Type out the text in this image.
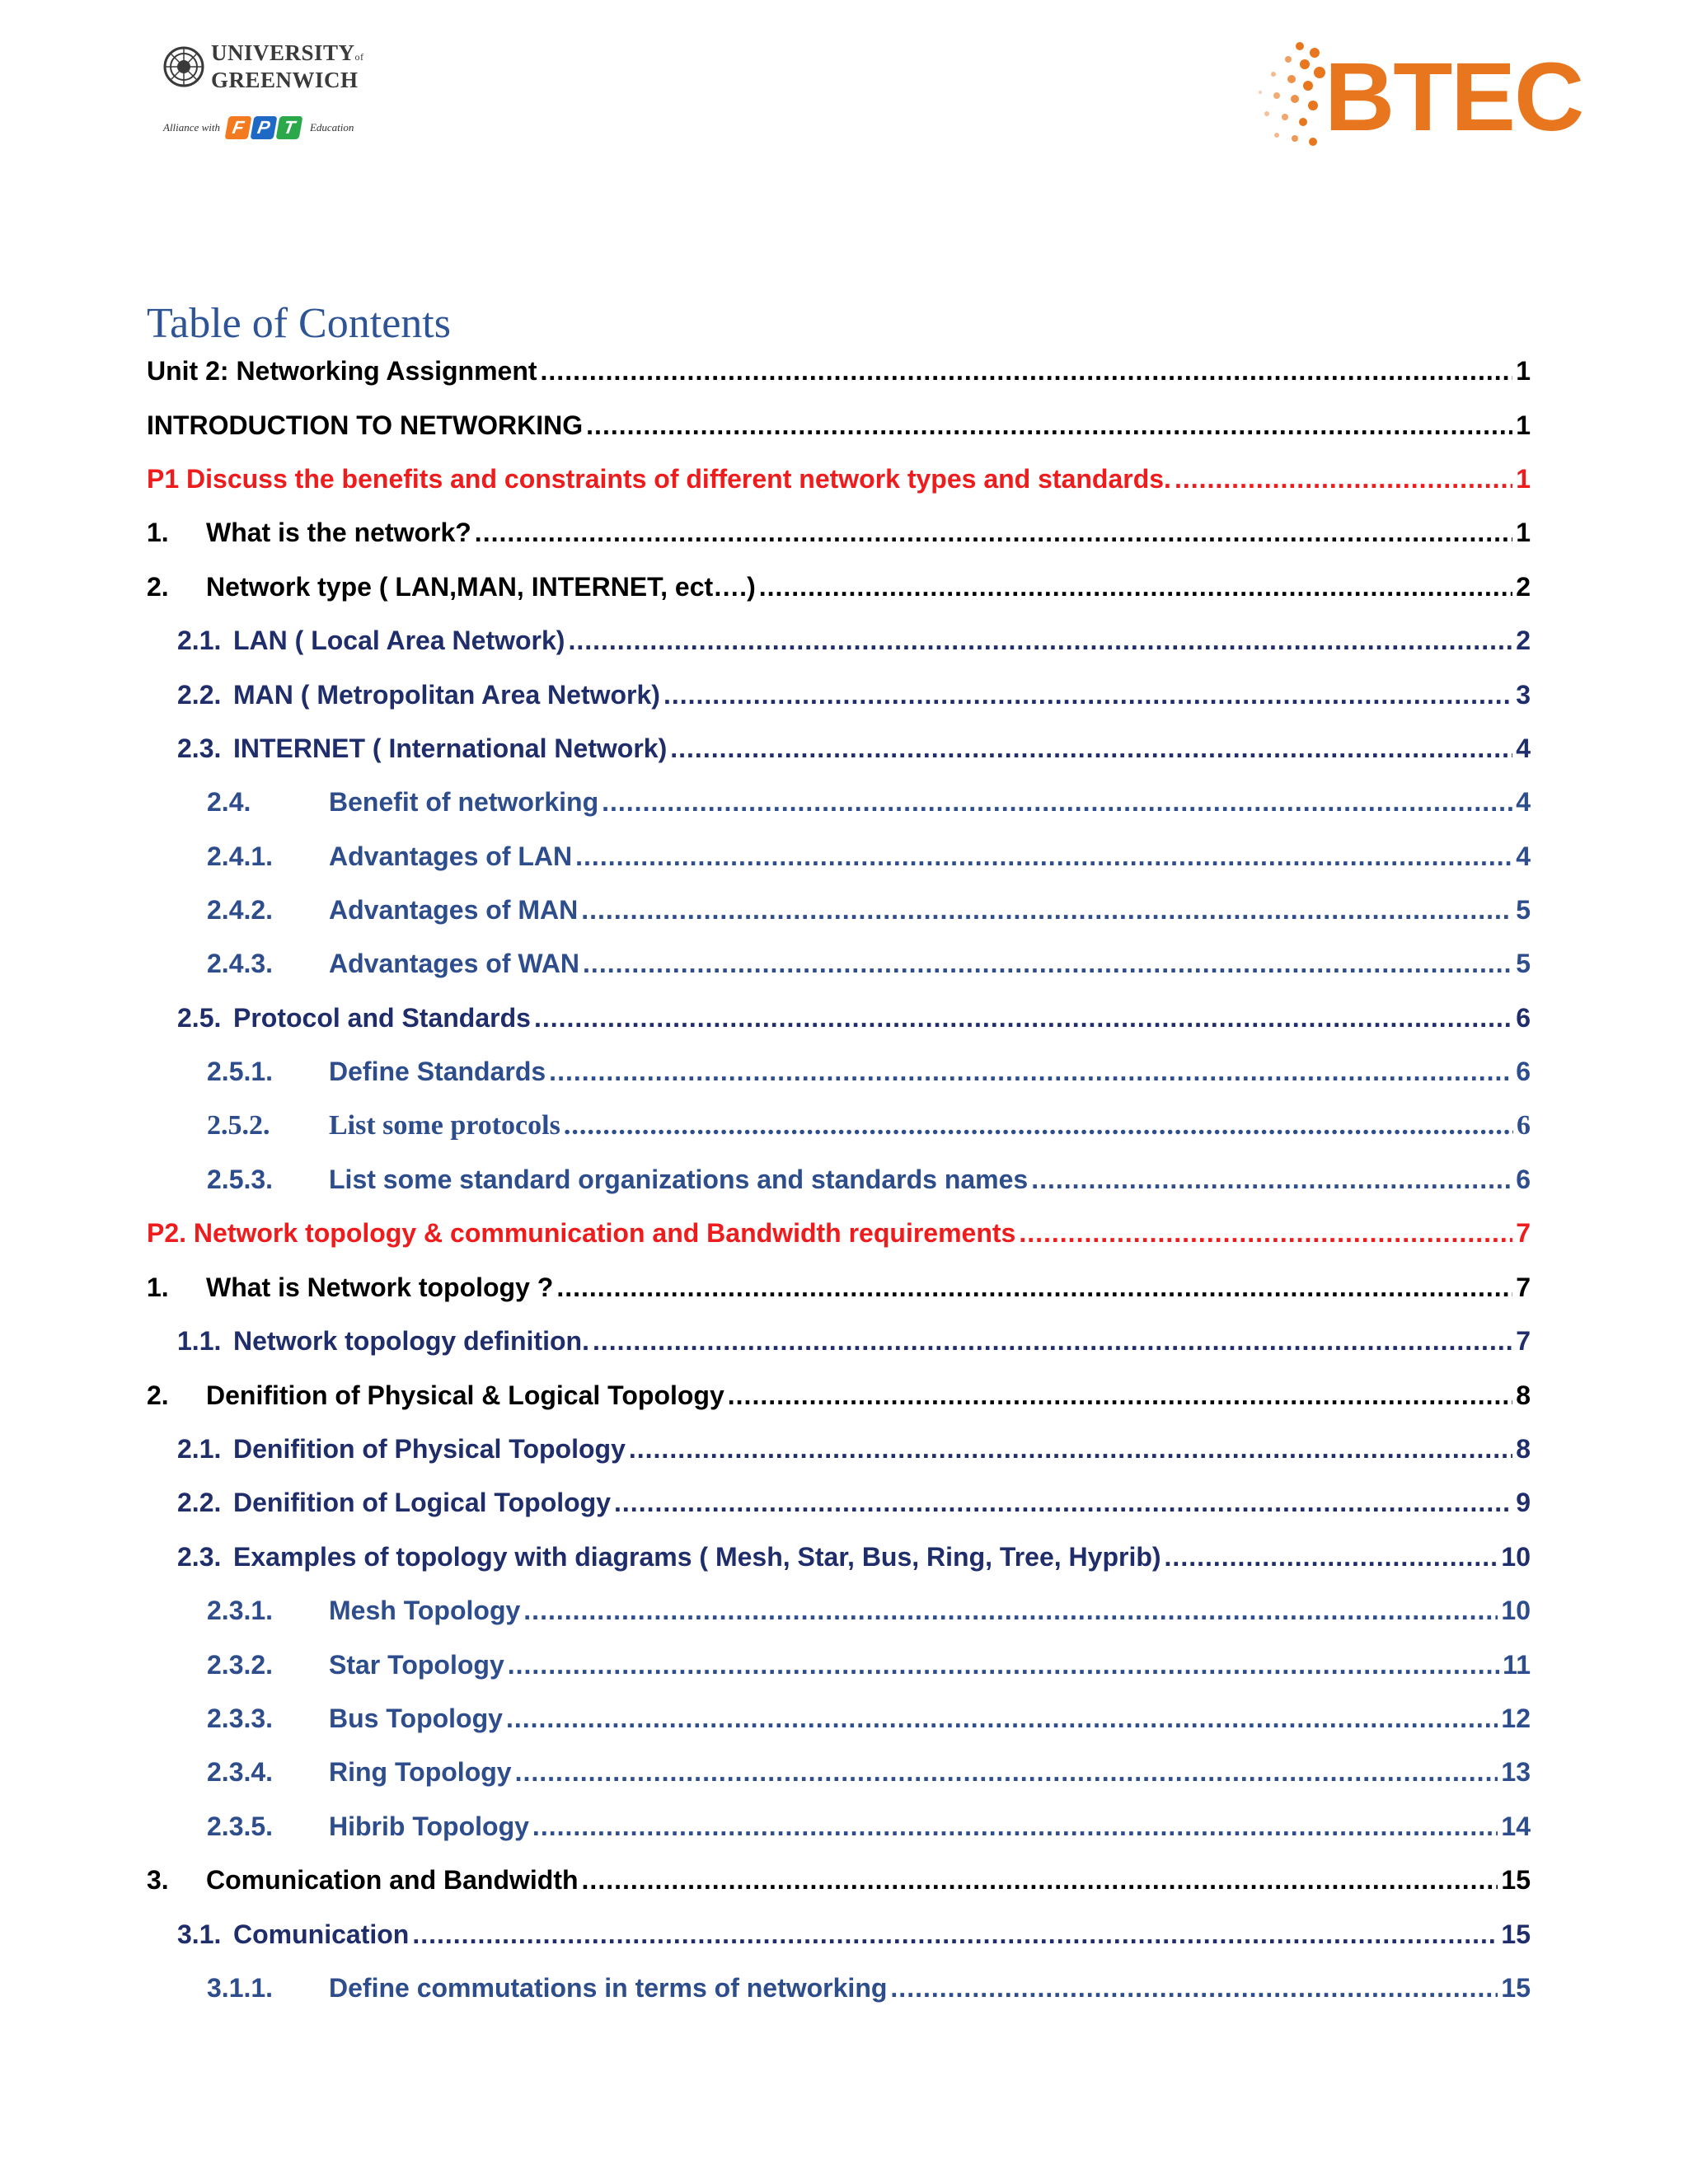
UNIVERSITYof
GREENWICH
Alliance with F P T	Education	BTEC
Table of Contents
Unit 2: Networking Assignment .....	1
INTRODUCTION TO NETWORKING .....	1
P1 Discuss the benefits and constraints of different network types and standards. .....	1
1.	What is the network? .....	1
2.	Network type ( LAN,MAN, INTERNET, ect….) .....	2
2.1. LAN ( Local Area Network) .....	2
2.2. MAN ( Metropolitan Area Network) .....	3
2.3. INTERNET ( International Network) .....	4
2.4.	Benefit of networking .....	4
2.4.1.	Advantages of LAN .....	4
2.4.2.	Advantages of MAN .....	5
2.4.3.	Advantages of WAN .....	5
2.5. Protocol and Standards .....	6
2.5.1.	Define Standards .....	6
2.5.2.	List some protocols .....	6
2.5.3.	List some standard organizations and standards names .....	6
P2. Network topology & communication and Bandwidth requirements .....	7
1.	What is Network topology ? .....	7
1.1. Network topology definition. .....	7
2.	Denifition of Physical & Logical Topology .....	8
2.1. Denifition of Physical Topology .....	8
2.2. Denifition of Logical Topology .....	9
2.3. Examples of topology with diagrams ( Mesh, Star, Bus, Ring, Tree, Hyprib) .....	10
2.3.1.	Mesh Topology .....	10
2.3.2.	Star Topology .....	11
2.3.3.	Bus Topology .....	12
2.3.4.	Ring Topology .....	13
2.3.5.	Hibrib Topology .....	14
3.	Comunication and Bandwidth .....	15
3.1. Comunication .....	15
3.1.1.	Define commutations in terms of networking .....	15
